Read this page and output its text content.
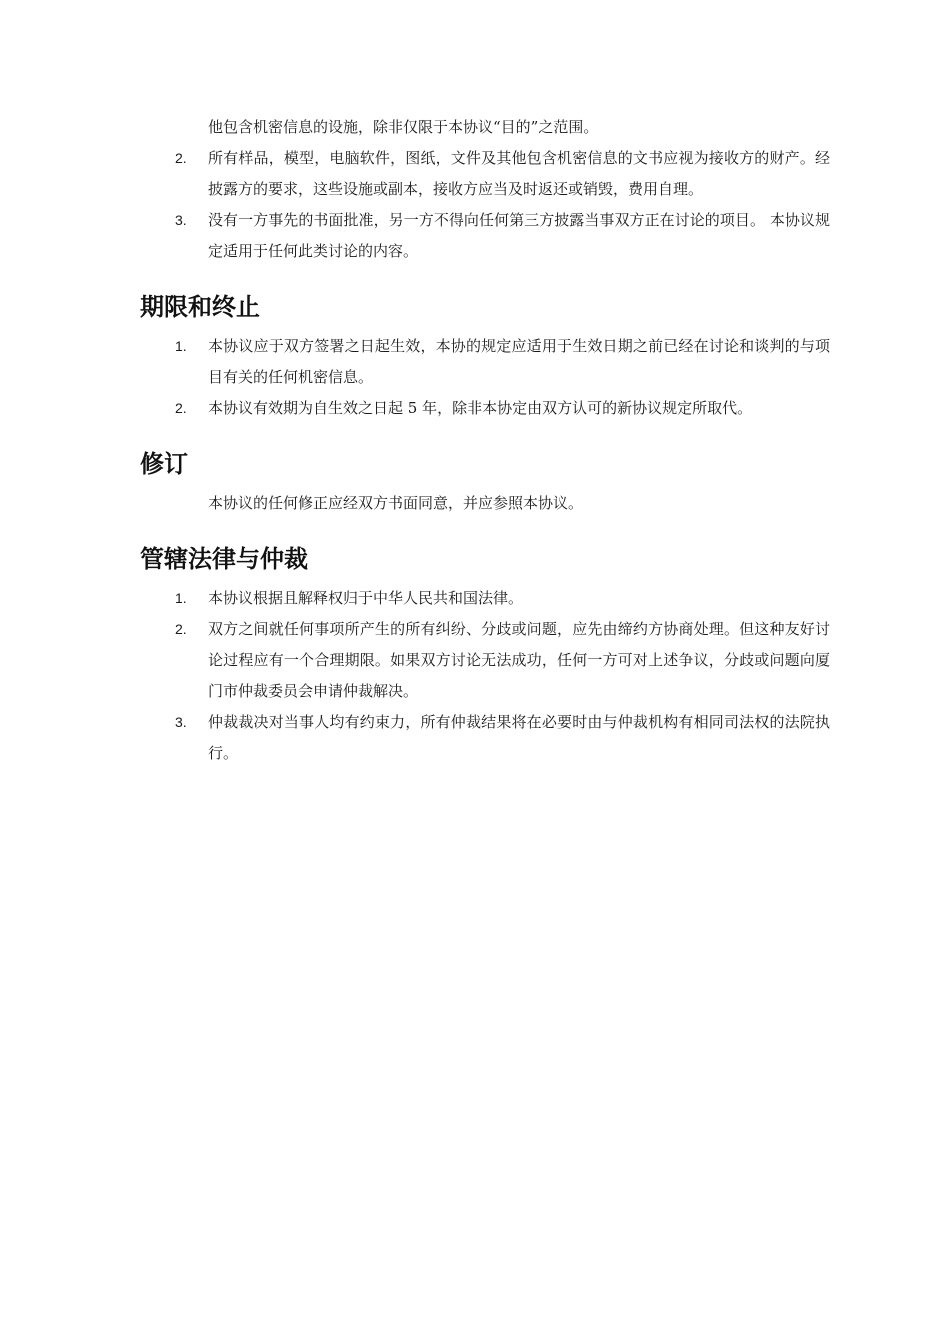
他包含机密信息的设施，除非仅限于本协议“目的”之范围。
2. 所有样品，模型，电脑软件，图纸，文件及其他包含机密信息的文书应视为接收方的财产。经披露方的要求，这些设施或副本，接收方应当及时返还或销毁，费用自理。
3. 没有一方事先的书面批准，另一方不得向任何第三方披露当事双方正在讨论的项目。 本协议规定适用于任何此类讨论的内容。
期限和终止
1. 本协议应于双方签署之日起生效，本协的规定应适用于生效日期之前已经在讨论和谈判的与项目有关的任何机密信息。
2. 本协议有效期为自生效之日起 5 年，除非本协定由双方认可的新协议规定所取代。
修订
本协议的任何修正应经双方书面同意，并应参照本协议。
管辖法律与仲裁
1. 本协议根据且解释权归于中华人民共和国法律。
2. 双方之间就任何事项所产生的所有纠纷、分歧或问题，应先由缔约方协商处理。但这种友好讨论过程应有一个合理期限。如果双方讨论无法成功，任何一方可对上述争议，分歧或问题向厦门市仲裁委员会申请仲裁解决。
3. 仲裁裁决对当事人均有约束力，所有仲裁结果将在必要时由与仲裁机构有相同司法权的法院执行。
